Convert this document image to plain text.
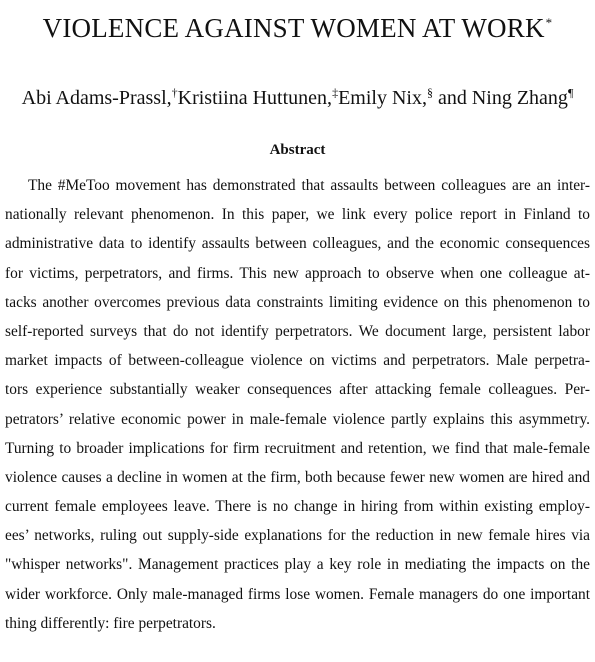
VIOLENCE AGAINST WOMEN AT WORK*
Abi Adams-Prassl,†Kristiina Huttunen,‡Emily Nix,§ and Ning Zhang¶
Abstract
The #MeToo movement has demonstrated that assaults between colleagues are an inter-
nationally relevant phenomenon. In this paper, we link every police report in Finland to
administrative data to identify assaults between colleagues, and the economic consequences
for victims, perpetrators, and firms. This new approach to observe when one colleague at-
tacks another overcomes previous data constraints limiting evidence on this phenomenon to
self-reported surveys that do not identify perpetrators. We document large, persistent labor
market impacts of between-colleague violence on victims and perpetrators. Male perpetra-
tors experience substantially weaker consequences after attacking female colleagues. Per-
petrators’ relative economic power in male-female violence partly explains this asymmetry.
Turning to broader implications for firm recruitment and retention, we find that male-female
violence causes a decline in women at the firm, both because fewer new women are hired and
current female employees leave. There is no change in hiring from within existing employ-
ees’ networks, ruling out supply-side explanations for the reduction in new female hires via
"whisper networks". Management practices play a key role in mediating the impacts on the
wider workforce. Only male-managed firms lose women. Female managers do one important
thing differently: fire perpetrators.
